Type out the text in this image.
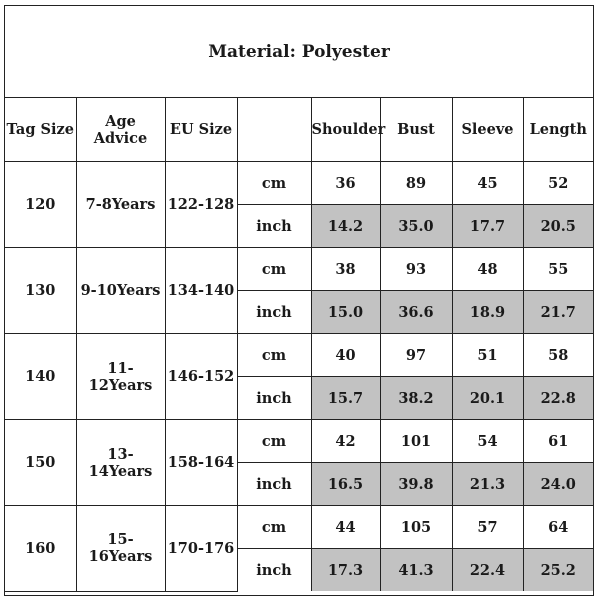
Material: Polyester
Tag Size	Age Advice	EU Size		Shoulder	Bust	Sleeve	Length
120	7-8Years	122-128	cm	36	89	45	52
			inch	14.2	35.0	17.7	20.5
130	9-10Years	134-140	cm	38	93	48	55
			inch	15.0	36.6	18.9	21.7
140	11-12Years	146-152	cm	40	97	51	58
			inch	15.7	38.2	20.1	22.8
150	13-14Years	158-164	cm	42	101	54	61
			inch	16.5	39.8	21.3	24.0
160	15-16Years	170-176	cm	44	105	57	64
			inch	17.3	41.3	22.4	25.2
